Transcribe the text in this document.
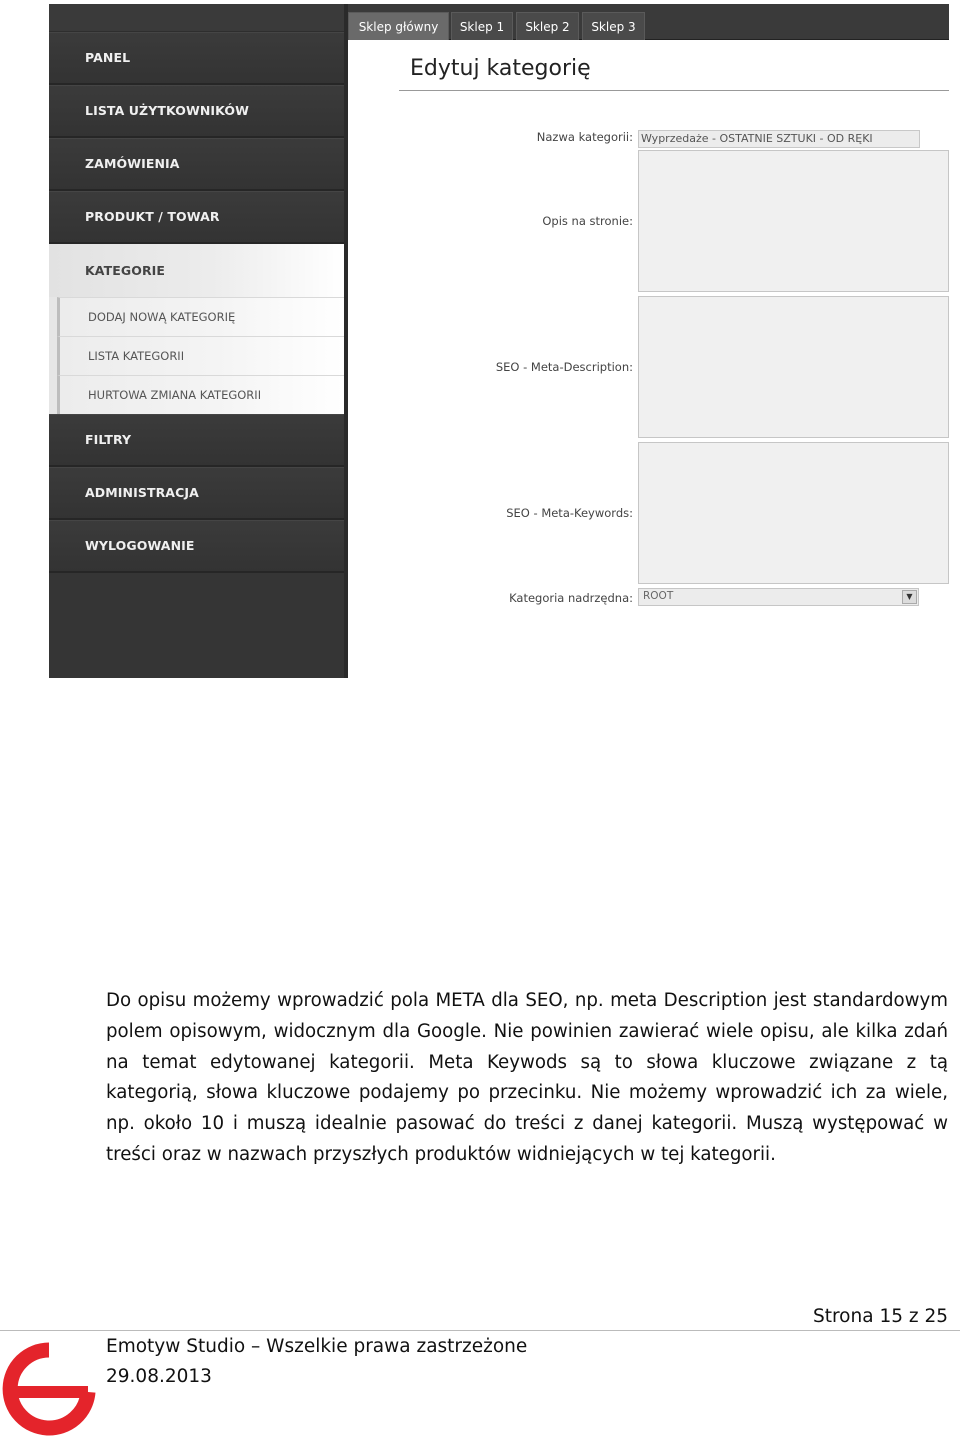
PANEL
LISTA UŻYTKOWNIKÓW
ZAMÓWIENIA
PRODUKT / TOWAR
KATEGORIE
DODAJ NOWĄ KATEGORIĘ
LISTA KATEGORII
HURTOWA ZMIANA KATEGORII
FILTRY
ADMINISTRACJA
WYLOGOWANIE
Sklep główny Sklep 1 Sklep 2 Sklep 3
Edytuj kategorię
Nazwa kategorii: Wyprzedaże - OSTATNIE SZTUKI - OD RĘKI
Opis na stronie:
SEO - Meta-Description:
SEO - Meta-Keywords:
Kategoria nadrzędna: ROOT	▼

Do opisu możemy wprowadzić pola META dla SEO, np. meta Description jest standardowym polem opisowym, widocznym dla Google. Nie powinien zawierać wiele opisu, ale kilka zdań na temat edytowanej kategorii. Meta Keywods są to słowa kluczowe związane z tą kategorią, słowa kluczowe podajemy po przecinku. Nie możemy wprowadzić ich za wiele, np. około 10 i muszą idealnie pasować do treści z danej kategorii. Muszą występować w treści oraz w nazwach przyszłych produktów widniejących w tej kategorii.

Strona 15 z 25
Emotyw Studio – Wszelkie prawa zastrzeżone
29.08.2013
